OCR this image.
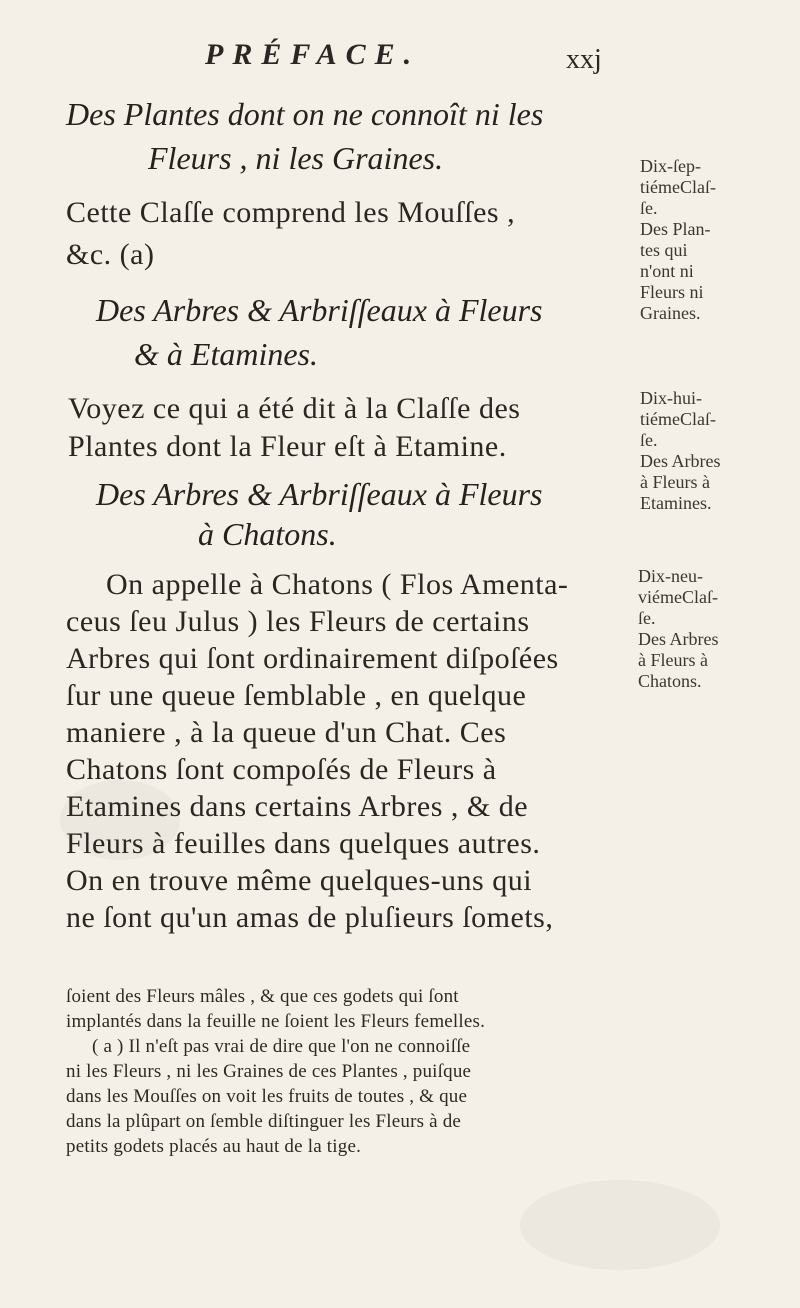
PRÉFACE.	xxj
Des Plantes dont on ne connoît ni les
Fleurs , ni les Graines.
Cette Claſſe comprend les Mouſſes ,
&c. (a)
Des Arbres & Arbriſſeaux à Fleurs
& à Etamines.
Voyez ce qui a été dit à la Claſſe des
Plantes dont la Fleur eſt à Etamine.
Des Arbres & Arbriſſeaux à Fleurs
à Chatons.
On appelle à Chatons ( Flos Amenta-
ceus ſeu Julus ) les Fleurs de certains
Arbres qui ſont ordinairement diſpoſées
ſur une queue ſemblable , en quelque
maniere , à la queue d'un Chat. Ces
Chatons ſont compoſés de Fleurs à
Etamines dans certains Arbres , & de
Fleurs à feuilles dans quelques autres.
On en trouve même quelques-uns qui
ne ſont qu'un amas de pluſieurs ſomets,
ſoient des Fleurs mâles , & que ces godets qui ſont
implantés dans la feuille ne ſoient les Fleurs femelles.
( a ) Il n'eſt pas vrai de dire que l'on ne connoiſſe
ni les Fleurs , ni les Graines de ces Plantes , puiſque
dans les Mouſſes on voit les fruits de toutes , & que
dans la plûpart on ſemble diſtinguer les Fleurs à de
petits godets placés au haut de la tige.
Dix-ſep-
tiémeClaſ-
ſe.
Des Plan-
tes qui
n'ont ni
Fleurs ni
Graines.
Dix-hui-
tiémeClaſ-
ſe.
Des Arbres
à Fleurs à
Etamines.
Dix-neu-
viémeClaſ-
ſe.
Des Arbres
à Fleurs à
Chatons.
